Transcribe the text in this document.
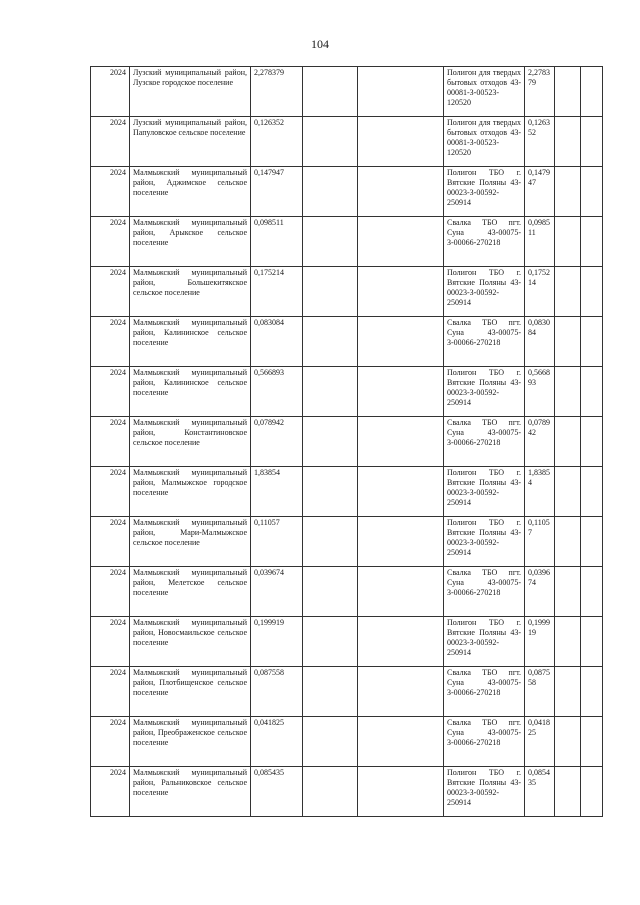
104
2024	Лузский муниципальный район, Лузское городское поселение	2,278379			Полигон для твердых бытовых отходов 43-00081-З-00523-120520	2,2783 79		
2024	Лузский муниципальный район, Папуловское сельское поселение	0,126352			Полигон для твердых бытовых отходов 43-00081-З-00523-120520	0,1263 52		
2024	Малмыжский муниципальный район, Аджимское сельское поселение	0,147947			Полигон ТБО г. Вятские Поляны 43-00023-З-00592-250914	0,1479 47		
2024	Малмыжский муниципальный район, Арыкское сельское поселение	0,098511			Свалка ТБО пгт. Суна 43-00075-З-00066-270218	0,0985 11		
2024	Малмыжский муниципальный район, Большекитякское сельское поселение	0,175214			Полигон ТБО г. Вятские Поляны 43-00023-З-00592-250914	0,1752 14		
2024	Малмыжский муниципальный район, Калининское сельское поселение	0,083084			Свалка ТБО пгт. Суна 43-00075-З-00066-270218	0,0830 84		
2024	Малмыжский муниципальный район, Калининское сельское поселение	0,566893			Полигон ТБО г. Вятские Поляны 43-00023-З-00592-250914	0,5668 93		
2024	Малмыжский муниципальный район, Константиновское сельское поселение	0,078942			Свалка ТБО пгт. Суна 43-00075-З-00066-270218	0,0789 42		
2024	Малмыжский муниципальный район, Малмыжское городское поселение	1,83854			Полигон ТБО г. Вятские Поляны 43-00023-З-00592-250914	1,8385 4		
2024	Малмыжский муниципальный район, Мари-Малмыжское сельское поселение	0,11057			Полигон ТБО г. Вятские Поляны 43-00023-З-00592-250914	0,1105 7		
2024	Малмыжский муниципальный район, Мелетское сельское поселение	0,039674			Свалка ТБО пгт. Суна 43-00075-З-00066-270218	0,0396 74		
2024	Малмыжский муниципальный район, Новосмаильское сельское поселение	0,199919			Полигон ТБО г. Вятские Поляны 43-00023-З-00592-250914	0,1999 19		
2024	Малмыжский муниципальный район, Плотбищенское сельское поселение	0,087558			Свалка ТБО пгт. Суна 43-00075-З-00066-270218	0,0875 58		
2024	Малмыжский муниципальный район, Преображенское сельское поселение	0,041825			Свалка ТБО пгт. Суна 43-00075-З-00066-270218	0,0418 25		
2024	Малмыжский муниципальный район, Ральниковское сельское поселение	0,085435			Полигон ТБО г. Вятские Поляны 43-00023-З-00592-250914	0,0854 35		
